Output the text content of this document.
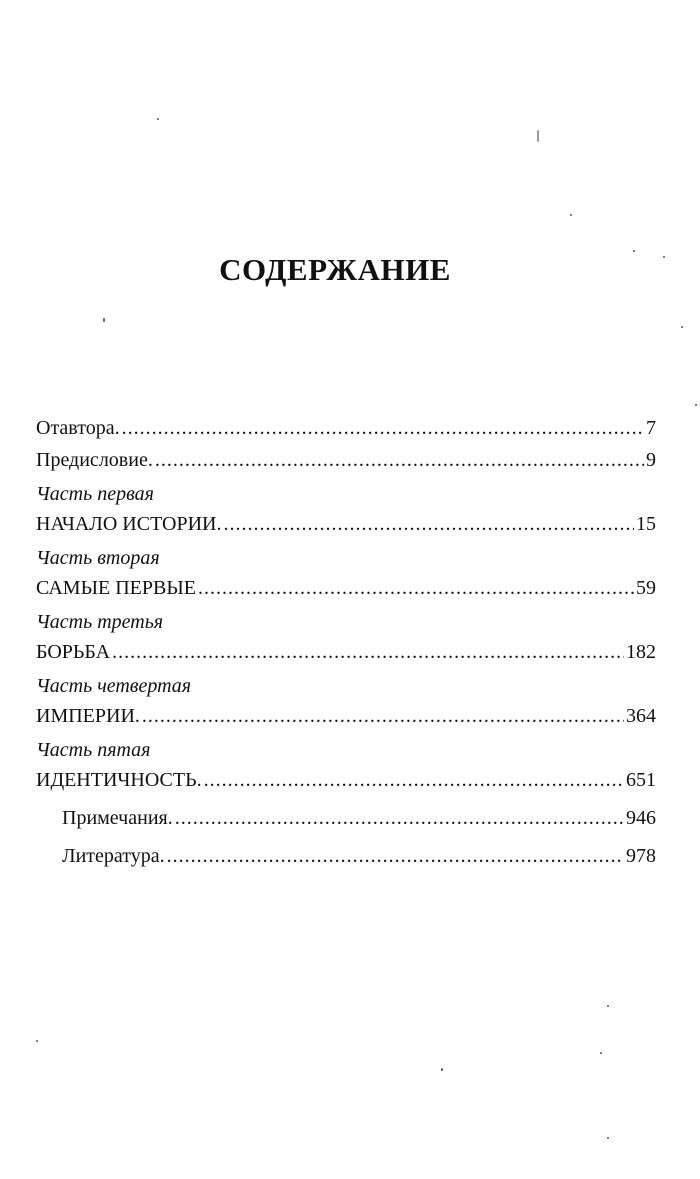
СОДЕРЖАНИЕ
Отавтора. .....	7
Предисловие. .....	9
Часть первая
НАЧАЛО ИСТОРИИ. .....	15
Часть вторая
САМЫЕ ПЕРВЫЕ .....	59
Часть третья
БОРЬБА .....	182
Часть четвертая
ИМПЕРИИ. .....	364
Часть пятая
ИДЕНТИЧНОСТЬ. .....	651
Примечания. .....	946
Литература. .....	978
